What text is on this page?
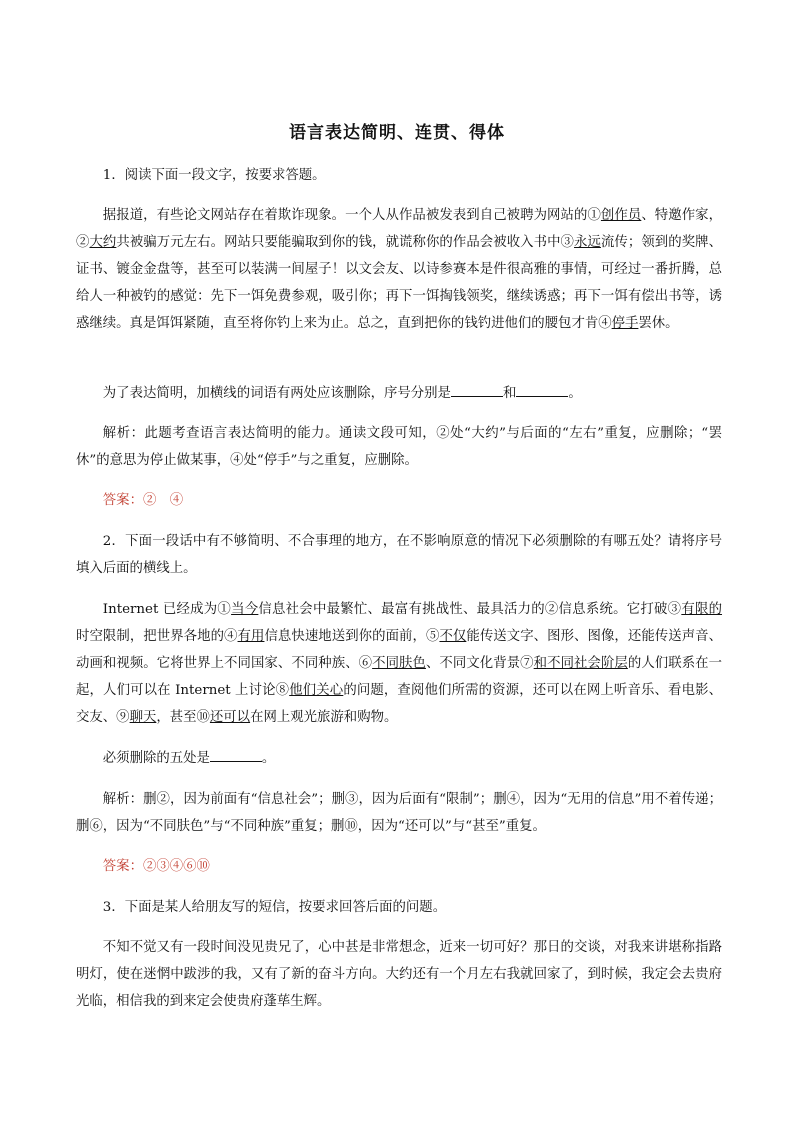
语言表达简明、连贯、得体

1．阅读下面一段文字，按要求答题。

据报道，有些论文网站存在着欺诈现象。一个人从作品被发表到自己被聘为网站的①创作员、特邀作家，②大约共被骗万元左右。网站只要能骗取到你的钱，就谎称你的作品会被收入书中③永远流传；领到的奖牌、证书、镀金金盘等，甚至可以装满一间屋子！以文会友、以诗参赛本是件很高雅的事情，可经过一番折腾，总给人一种被钓的感觉：先下一饵免费参观，吸引你；再下一饵掏钱领奖，继续诱惑；再下一饵有偿出书等，诱惑继续。真是饵饵紧随，直至将你钓上来为止。总之，直到把你的钱钓进他们的腰包才肯④停手罢休。

为了表达简明，加横线的词语有两处应该删除，序号分别是	和	。

解析：此题考查语言表达简明的能力。通读文段可知，②处“大约”与后面的“左右”重复，应删除；“罢休”的意思为停止做某事，④处“停手”与之重复，应删除。

答案：②　④

2．下面一段话中有不够简明、不合事理的地方，在不影响原意的情况下必须删除的有哪五处？请将序号填入后面的横线上。

Internet 已经成为①当今信息社会中最繁忙、最富有挑战性、最具活力的②信息系统。它打破③有限的时空限制，把世界各地的④有用信息快速地送到你的面前，⑤不仅能传送文字、图形、图像，还能传送声音、动画和视频。它将世界上不同国家、不同种族、⑥不同肤色、不同文化背景⑦和不同社会阶层的人们联系在一起，人们可以在 Internet 上讨论⑧他们关心的问题，查阅他们所需的资源，还可以在网上听音乐、看电影、交友、⑨聊天，甚至⑩还可以在网上观光旅游和购物。

必须删除的五处是	。

解析：删②，因为前面有“信息社会”；删③，因为后面有“限制”；删④，因为“无用的信息”用不着传递；删⑥，因为“不同肤色”与“不同种族”重复；删⑩，因为“还可以”与“甚至”重复。

答案：②③④⑥⑩

3．下面是某人给朋友写的短信，按要求回答后面的问题。

不知不觉又有一段时间没见贵兄了，心中甚是非常想念，近来一切可好？那日的交谈，对我来讲堪称指路明灯，使在迷惘中跋涉的我，又有了新的奋斗方向。大约还有一个月左右我就回家了，到时候，我定会去贵府光临，相信我的到来定会使贵府蓬荜生辉。
